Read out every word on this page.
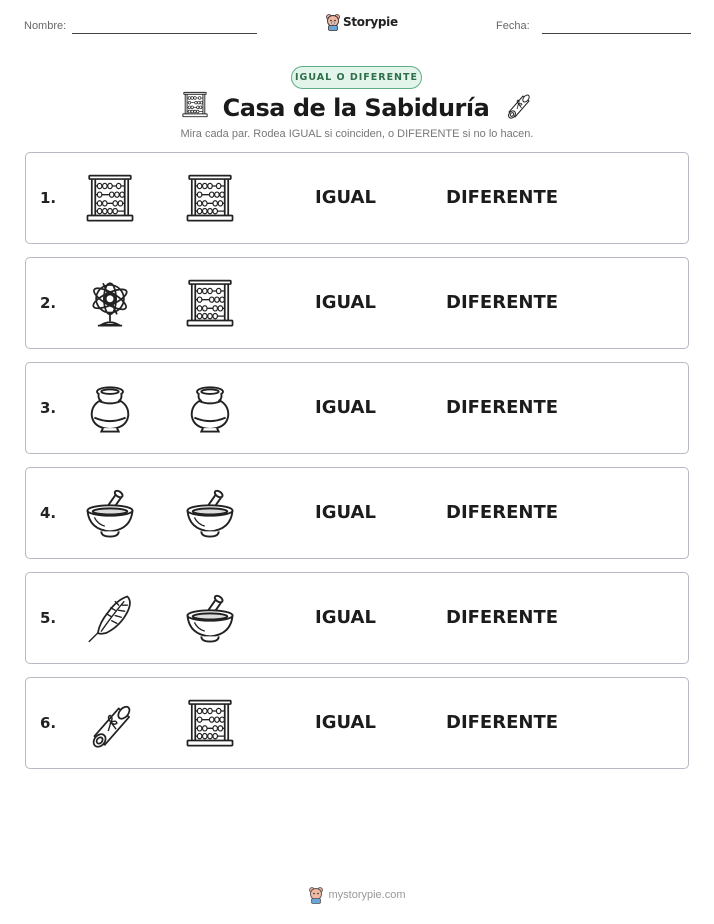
Nombre:	Storypie	Fecha:
IGUAL O DIFERENTE
Casa de la Sabiduría
Mira cada par. Rodea IGUAL si coinciden, o DIFERENTE si no lo hacen.
1.	IGUAL	DIFERENTE
2.	IGUAL	DIFERENTE
3.	IGUAL	DIFERENTE
4.	IGUAL	DIFERENTE
5.	IGUAL	DIFERENTE
6.	IGUAL	DIFERENTE
mystorypie.com
